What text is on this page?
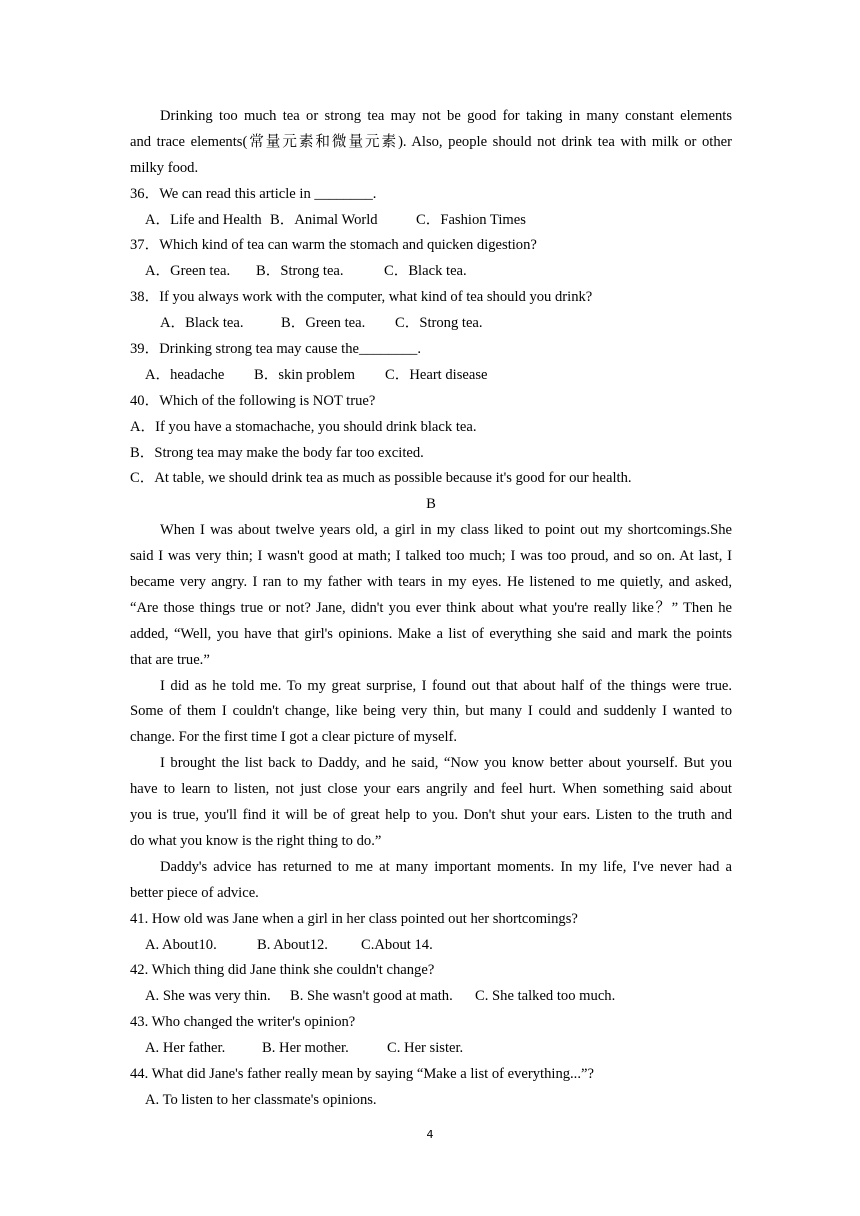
Drinking too much tea or strong tea may not be good for taking in many constant elements
and trace elements(常量元素和微量元素). Also, people should not drink tea with milk or other
milky food.
36．We can read this article in ________.
A．Life and Health B．Animal World	C．Fashion Times
37．Which kind of tea can warm the stomach and quicken digestion?
A．Green tea. B．Strong tea.	C．Black tea.
38．If you always work with the computer, what kind of tea should you drink?
A．Black tea.	B．Green tea. C．Strong tea.
39．Drinking strong tea may cause the________.
A．headache B．skin problem C．Heart disease
40．Which of the following is NOT true?
A．If you have a stomachache, you should drink black tea.
B．Strong tea may make the body far too excited.
C．At table, we should drink tea as much as possible because it's good for our health.
B
When I was about twelve years old, a girl in my class liked to point out my shortcomings.She
said I was very thin; I wasn't good at math; I talked too much; I was too proud, and so on. At last, I
became very angry. I ran to my father with tears in my eyes. He listened to me quietly, and asked,
“Are those things true or not? Jane, didn't you ever think about what you're really like？” Then he
added, “Well, you have that girl's opinions. Make a list of everything she said and mark the points
that are true.”
I did as he told me. To my great surprise, I found out that about half of the things were true.
Some of them I couldn't change, like being very thin, but many I could and suddenly I wanted to
change. For the first time I got a clear picture of myself.
I brought the list back to Daddy, and he said, “Now you know better about yourself. But you
have to learn to listen, not just close your ears angrily and feel hurt. When something said about
you is true, you'll find it will be of great help to you. Don't shut your ears. Listen to the truth and
do what you know is the right thing to do.”
Daddy's advice has returned to me at many important moments. In my life, I've never had a
better piece of advice.
41. How old was Jane when a girl in her class pointed out her shortcomings?
A. About10.	B. About12. C.About 14.
42. Which thing did Jane think she couldn't change?
A. She was very thin. B. She wasn't good at math. C. She talked too much.
43. Who changed the writer's opinion?
A. Her father.	B. Her mother.	C. Her sister.
44. What did Jane's father really mean by saying “Make a list of everything...”?
A. To listen to her classmate's opinions.
4
